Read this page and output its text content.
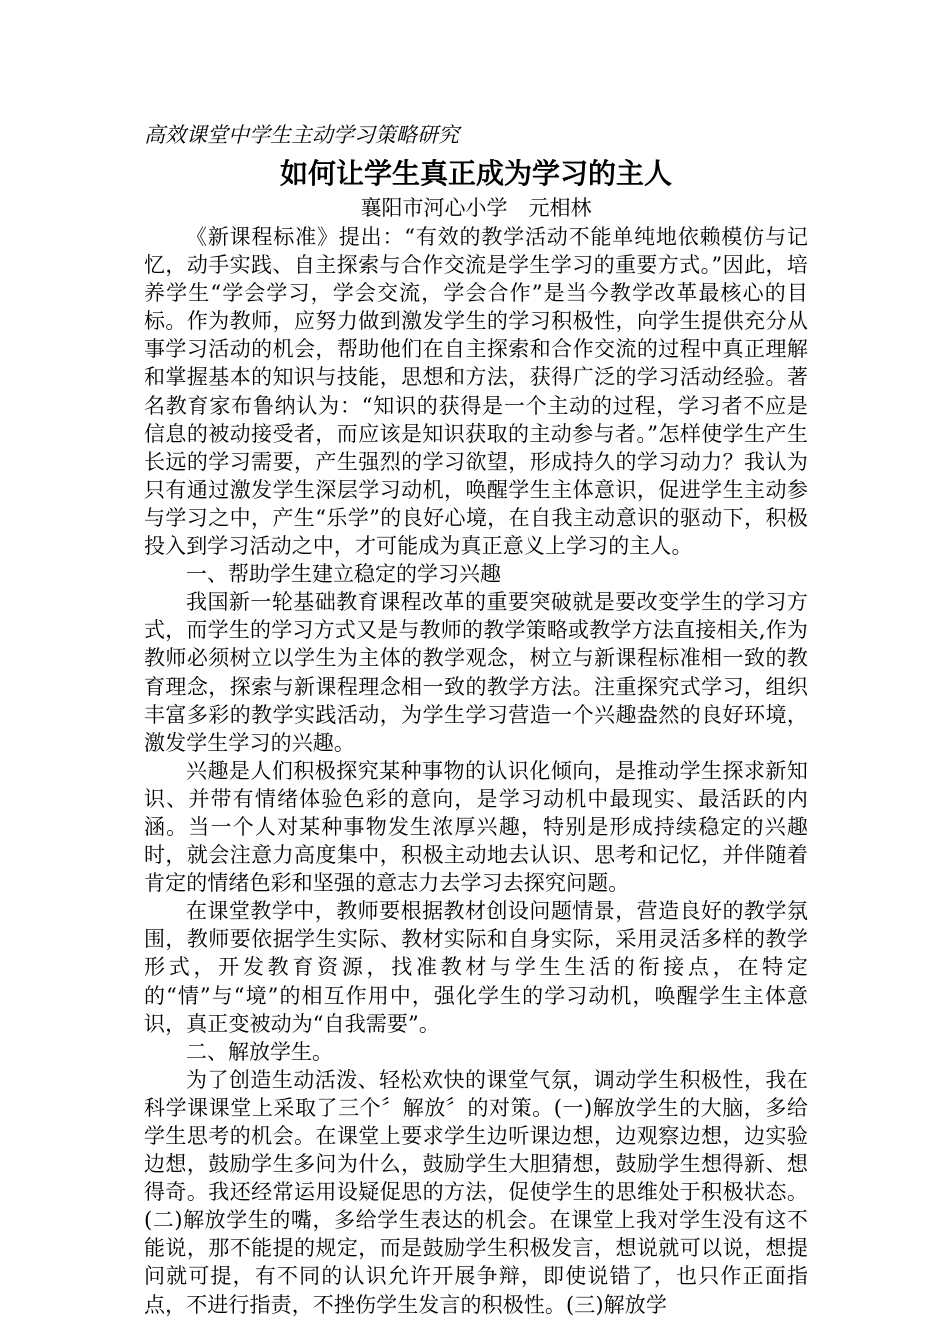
高效课堂中学生主动学习策略研究
如何让学生真正成为学习的主人
襄阳市河心小学　元相林

《新课程标准》提出：“有效的教学活动不能单纯地依赖模仿与记忆，动手实践、自主探索与合作交流是学生学习的重要方式。”因此，培养学生“学会学习，学会交流，学会合作”是当今教学改革最核心的目标。作为教师，应努力做到激发学生的学习积极性，向学生提供充分从事学习活动的机会，帮助他们在自主探索和合作交流的过程中真正理解和掌握基本的知识与技能，思想和方法，获得广泛的学习活动经验。著名教育家布鲁纳认为：“知识的获得是一个主动的过程，学习者不应是信息的被动接受者，而应该是知识获取的主动参与者。”怎样使学生产生长远的学习需要，产生强烈的学习欲望，形成持久的学习动力？我认为只有通过激发学生深层学习动机，唤醒学生主体意识，促进学生主动参与学习之中，产生“乐学”的良好心境，在自我主动意识的驱动下，积极投入到学习活动之中，才可能成为真正意义上学习的主人。

一、帮助学生建立稳定的学习兴趣

我国新一轮基础教育课程改革的重要突破就是要改变学生的学习方式，而学生的学习方式又是与教师的教学策略或教学方法直接相关,作为教师必须树立以学生为主体的教学观念，树立与新课程标准相一致的教育理念，探索与新课程理念相一致的教学方法。注重探究式学习，组织丰富多彩的教学实践活动，为学生学习营造一个兴趣盎然的良好环境，激发学生学习的兴趣。

兴趣是人们积极探究某种事物的认识化倾向，是推动学生探求新知识、并带有情绪体验色彩的意向，是学习动机中最现实、最活跃的内涵。当一个人对某种事物发生浓厚兴趣，特别是形成持续稳定的兴趣时，就会注意力高度集中，积极主动地去认识、思考和记忆，并伴随着肯定的情绪色彩和坚强的意志力去学习去探究问题。

在课堂教学中，教师要根据教材创设问题情景，营造良好的教学氛围，教师要依据学生实际、教材实际和自身实际，采用灵活多样的教学形式，开发教育资源，找准教材与学生生活的衔接点，在特定的“情”与“境”的相互作用中，强化学生的学习动机，唤醒学生主体意识，真正变被动为“自我需要”。

二、解放学生。

为了创造生动活泼、轻松欢快的课堂气氛，调动学生积极性，我在科学课课堂上采取了三个〞解放〞的对策。(一)解放学生的大脑，多给学生思考的机会。在课堂上要求学生边听课边想，边观察边想，边实验边想，鼓励学生多问为什么，鼓励学生大胆猜想，鼓励学生想得新、想得奇。我还经常运用设疑促思的方法，促使学生的思维处于积极状态。(二)解放学生的嘴，多给学生表达的机会。在课堂上我对学生没有这不能说，那不能提的规定，而是鼓励学生积极发言，想说就可以说，想提问就可提，有不同的认识允许开展争辩，即使说错了，也只作正面指点，不进行指责，不挫伤学生发言的积极性。(三)解放学
